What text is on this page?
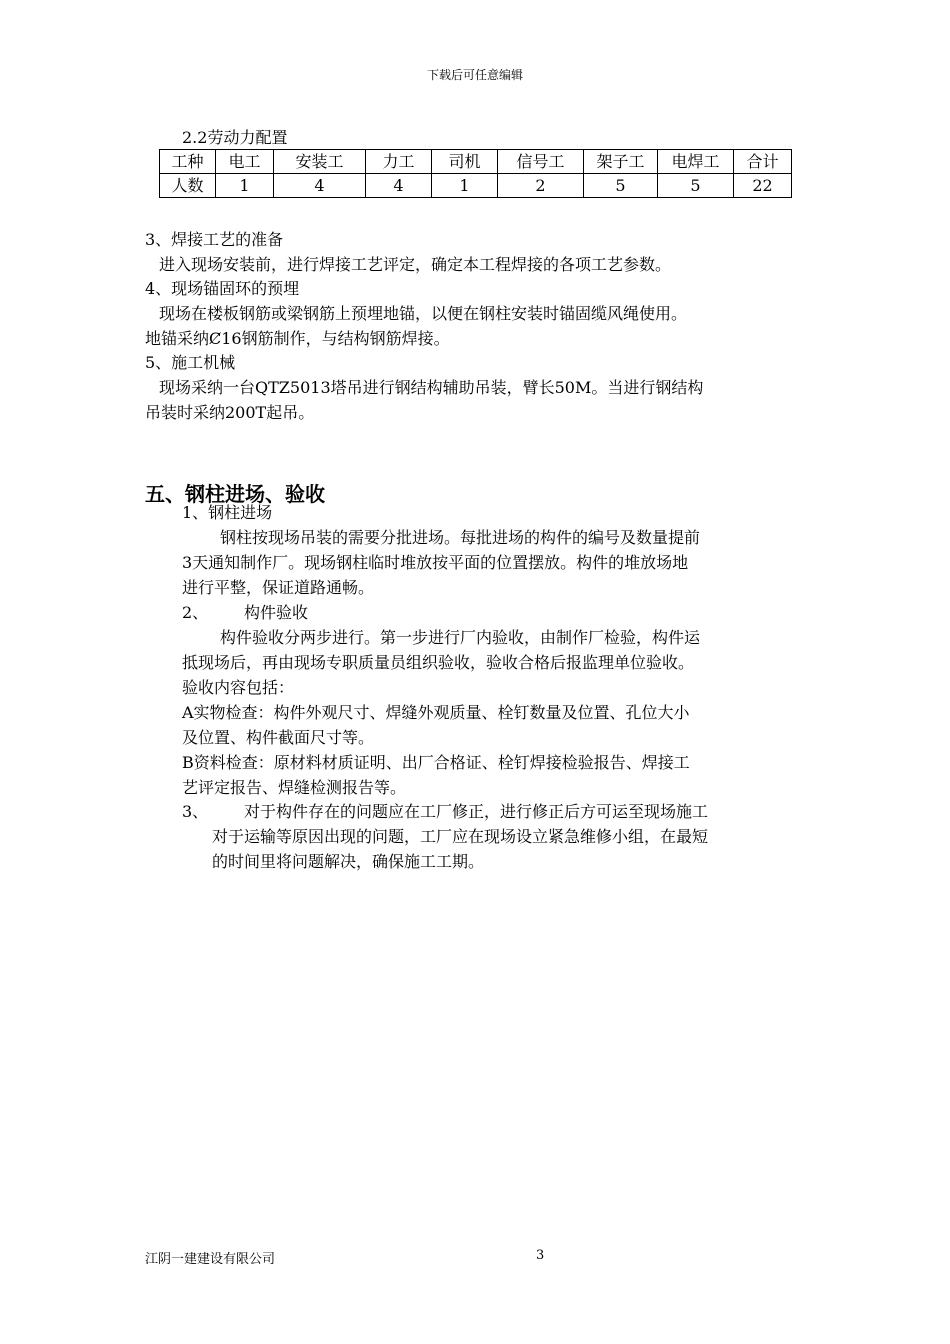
下载后可任意编辑
2.2劳动力配置
工种	电工	安装工	力工	司机	信号工	架子工	电焊工	合计
人数	1	4	4	1	2	5	5	22
3、焊接工艺的准备
进入现场安装前，进行焊接工艺评定，确定本工程焊接的各项工艺参数。
4、现场锚固环的预埋
现场在楼板钢筋或梁钢筋上预埋地锚，以便在钢柱安装时锚固缆风绳使用。
地锚采纳Ȼ16钢筋制作，与结构钢筋焊接。
5、施工机械
现场采纳一台QTZ5013塔吊进行钢结构辅助吊装，臂长50M。当进行钢结构
吊装时采纳200T起吊。
五、钢柱进场、验收
1、钢柱进场
钢柱按现场吊装的需要分批进场。每批进场的构件的编号及数量提前
3天通知制作厂。现场钢柱临时堆放按平面的位置摆放。构件的堆放场地
进行平整，保证道路通畅。
2、 构件验收
构件验收分两步进行。第一步进行厂内验收，由制作厂检验，构件运
抵现场后，再由现场专职质量员组织验收，验收合格后报监理单位验收。
验收内容包括：
A实物检查：构件外观尺寸、焊缝外观质量、栓钉数量及位置、孔位大小
及位置、构件截面尺寸等。
B资料检查：原材料材质证明、出厂合格证、栓钉焊接检验报告、焊接工
艺评定报告、焊缝检测报告等。
3、 对于构件存在的问题应在工厂修正，进行修正后方可运至现场施工
对于运输等原因出现的问题，工厂应在现场设立紧急维修小组，在最短
的时间里将问题解决，确保施工工期。
江阴一建建设有限公司	3
